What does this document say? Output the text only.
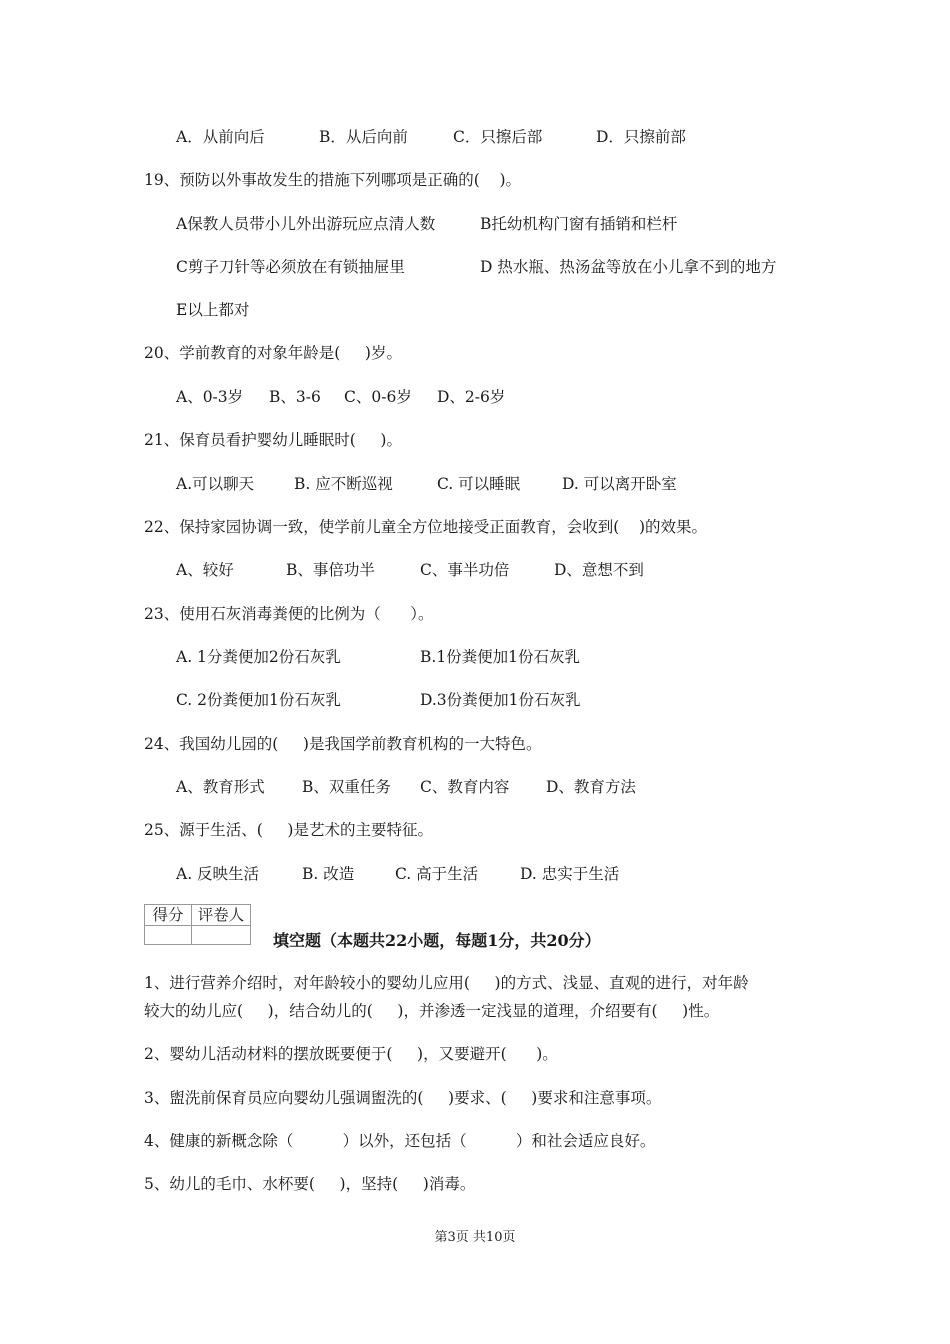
A．从前向后	B．从后向前	C．只擦后部	D．只擦前部
19、预防以外事故发生的措施下列哪项是正确的(    )。
A保教人员带小儿外出游玩应点清人数	B托幼机构门窗有插销和栏杆
C剪子刀针等必须放在有锁抽屉里	D 热水瓶、热汤盆等放在小儿拿不到的地方
E以上都对
20、学前教育的对象年龄是(     )岁。
A、0-3岁 B、3-6 C、0-6岁 D、2-6岁
21、保育员看护婴幼儿睡眠时(     )。
A.可以聊天	B. 应不断巡视	C. 可以睡眠	D. 可以离开卧室
22、保持家园协调一致，使学前儿童全方位地接受正面教育，会收到(    )的效果。
A、较好	B、事倍功半	C、事半功倍	D、意想不到
23、使用石灰消毒粪便的比例为（      ）。
A. 1分粪便加2份石灰乳	B.1份粪便加1份石灰乳
C. 2份粪便加1份石灰乳	D.3份粪便加1份石灰乳
24、我国幼儿园的(     )是我国学前教育机构的一大特色。
A、教育形式 B、双重任务 C、教育内容 D、教育方法
25、源于生活、(     )是艺术的主要特征。
A. 反映生活	B. 改造	C. 高于生活	D. 忠实于生活
得分	评卷人

填空题（本题共22小题，每题1分，共20分）
1、进行营养介绍时，对年龄较小的婴幼儿应用(     )的方式、浅显、直观的进行，对年龄
较大的幼儿应(     )，结合幼儿的(     )，并渗透一定浅显的道理，介绍要有(     )性。
2、婴幼儿活动材料的摆放既要便于(     )，又要避开(      )。
3、盥洗前保育员应向婴幼儿强调盥洗的(     )要求、(     )要求和注意事项。
4、健康的新概念除（          ）以外，还包括（          ）和社会适应良好。
5、幼儿的毛巾、水杯要(     )，坚持(     )消毒。
第3页 共10页
